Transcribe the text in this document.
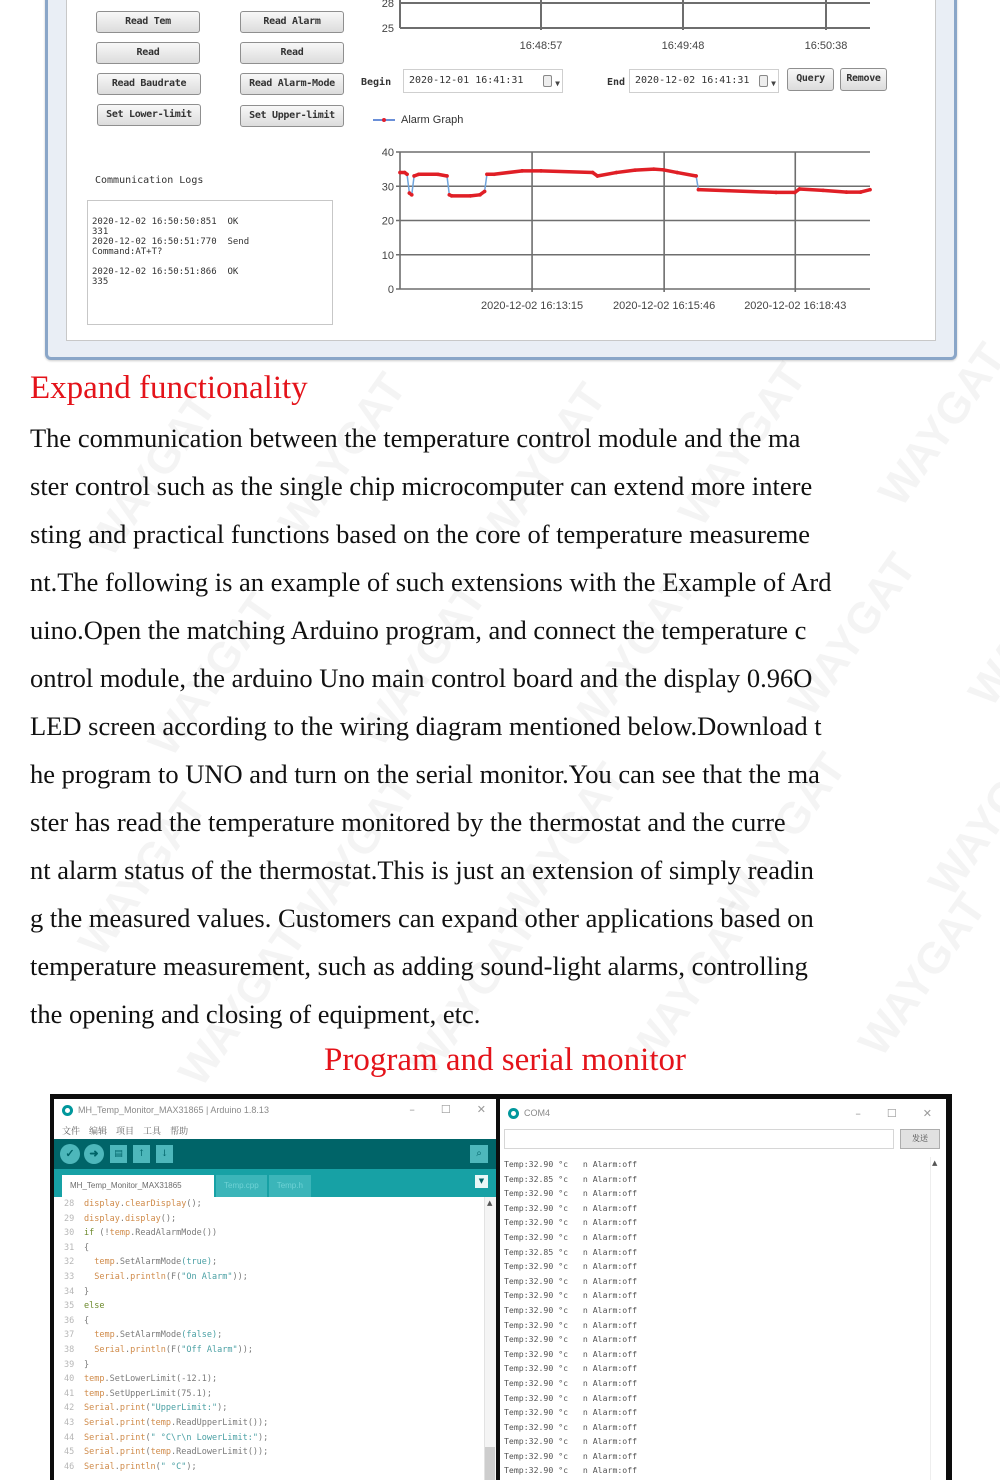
Read Tem
Read
Read Baudrate
Set Lower-limit
Read Alarm
Read
Read Alarm-Mode
Set Upper-limit
Communication Logs
2020-12-02 16:50:50:851  OK
331
2020-12-02 16:50:51:770  Send
Command:AT+T?

2020-12-02 16:50:51:866  OK
335
25
28
16:48:57	16:49:48	16:50:38
Begin	2020-12-01 16:41:31	▼	End 2020-12-02 16:41:31	▼	Query	Remove
Alarm Graph
0
10
20
30
40
2020-12-02 16:13:15	2020-12-02 16:15:46	2020-12-02 16:18:43
Expand functionality
The communication between the temperature control module and the ma
ster control such as the single chip microcomputer can extend more intere
sting and practical functions based on the core of temperature measureme
nt.The following is an example of such extensions with the Example of Ard
uino.Open the matching Arduino program, and connect the temperature c
ontrol module, the arduino Uno main control board and the display 0.96O
LED screen according to the wiring diagram mentioned below.Download t
he program to UNO and turn on the serial monitor.You can see that the ma
ster has read the temperature monitored by the thermostat and the curre
nt alarm status of the thermostat.This is just an extension of simply readin
g the measured values. Customers can expand other applications based on
temperature measurement, such as adding sound-light alarms, controlling
the opening and closing of equipment, etc.
Program and serial monitor
MH_Temp_Monitor_MAX31865 | Arduino 1.8.13	– ☐ ✕
文件 编辑 项目 工具 帮助
✓	➜	▤	↑	↓	⌕
MH_Temp_Monitor_MAX31865	Temp.cpp	Temp.h	▼
28	display.clearDisplay();
29	display.display();
30	if (!temp.ReadAlarmMode())
31	{
32	temp.SetAlarmMode(true);
33	Serial.println(F("On Alarm"));
34	}
35	else
36	{
37	temp.SetAlarmMode(false);
38	Serial.println(F("Off Alarm"));
39	}
40	temp.SetLowerLimit(-12.1);
41	temp.SetUpperLimit(75.1);
42	Serial.print("UpperLimit:");
43	Serial.print(temp.ReadUpperLimit());
44	Serial.print(" °C\r\n LowerLimit:");
45	Serial.print(temp.ReadLowerLimit());
46	Serial.println(" °C");
▲
COM4	– ☐ ✕
发送
Temp:32.90 °c   n Alarm:off
Temp:32.85 °c   n Alarm:off
Temp:32.90 °c   n Alarm:off
Temp:32.90 °c   n Alarm:off
Temp:32.90 °c   n Alarm:off
Temp:32.90 °c   n Alarm:off
Temp:32.85 °c   n Alarm:off
Temp:32.90 °c   n Alarm:off
Temp:32.90 °c   n Alarm:off
Temp:32.90 °c   n Alarm:off
Temp:32.90 °c   n Alarm:off
Temp:32.90 °c   n Alarm:off
Temp:32.90 °c   n Alarm:off
Temp:32.90 °c   n Alarm:off
Temp:32.90 °c   n Alarm:off
Temp:32.90 °c   n Alarm:off
Temp:32.90 °c   n Alarm:off
Temp:32.90 °c   n Alarm:off
Temp:32.90 °c   n Alarm:off
Temp:32.90 °c   n Alarm:off
Temp:32.90 °c   n Alarm:off
Temp:32.90 °c   n Alarm:off
▲
